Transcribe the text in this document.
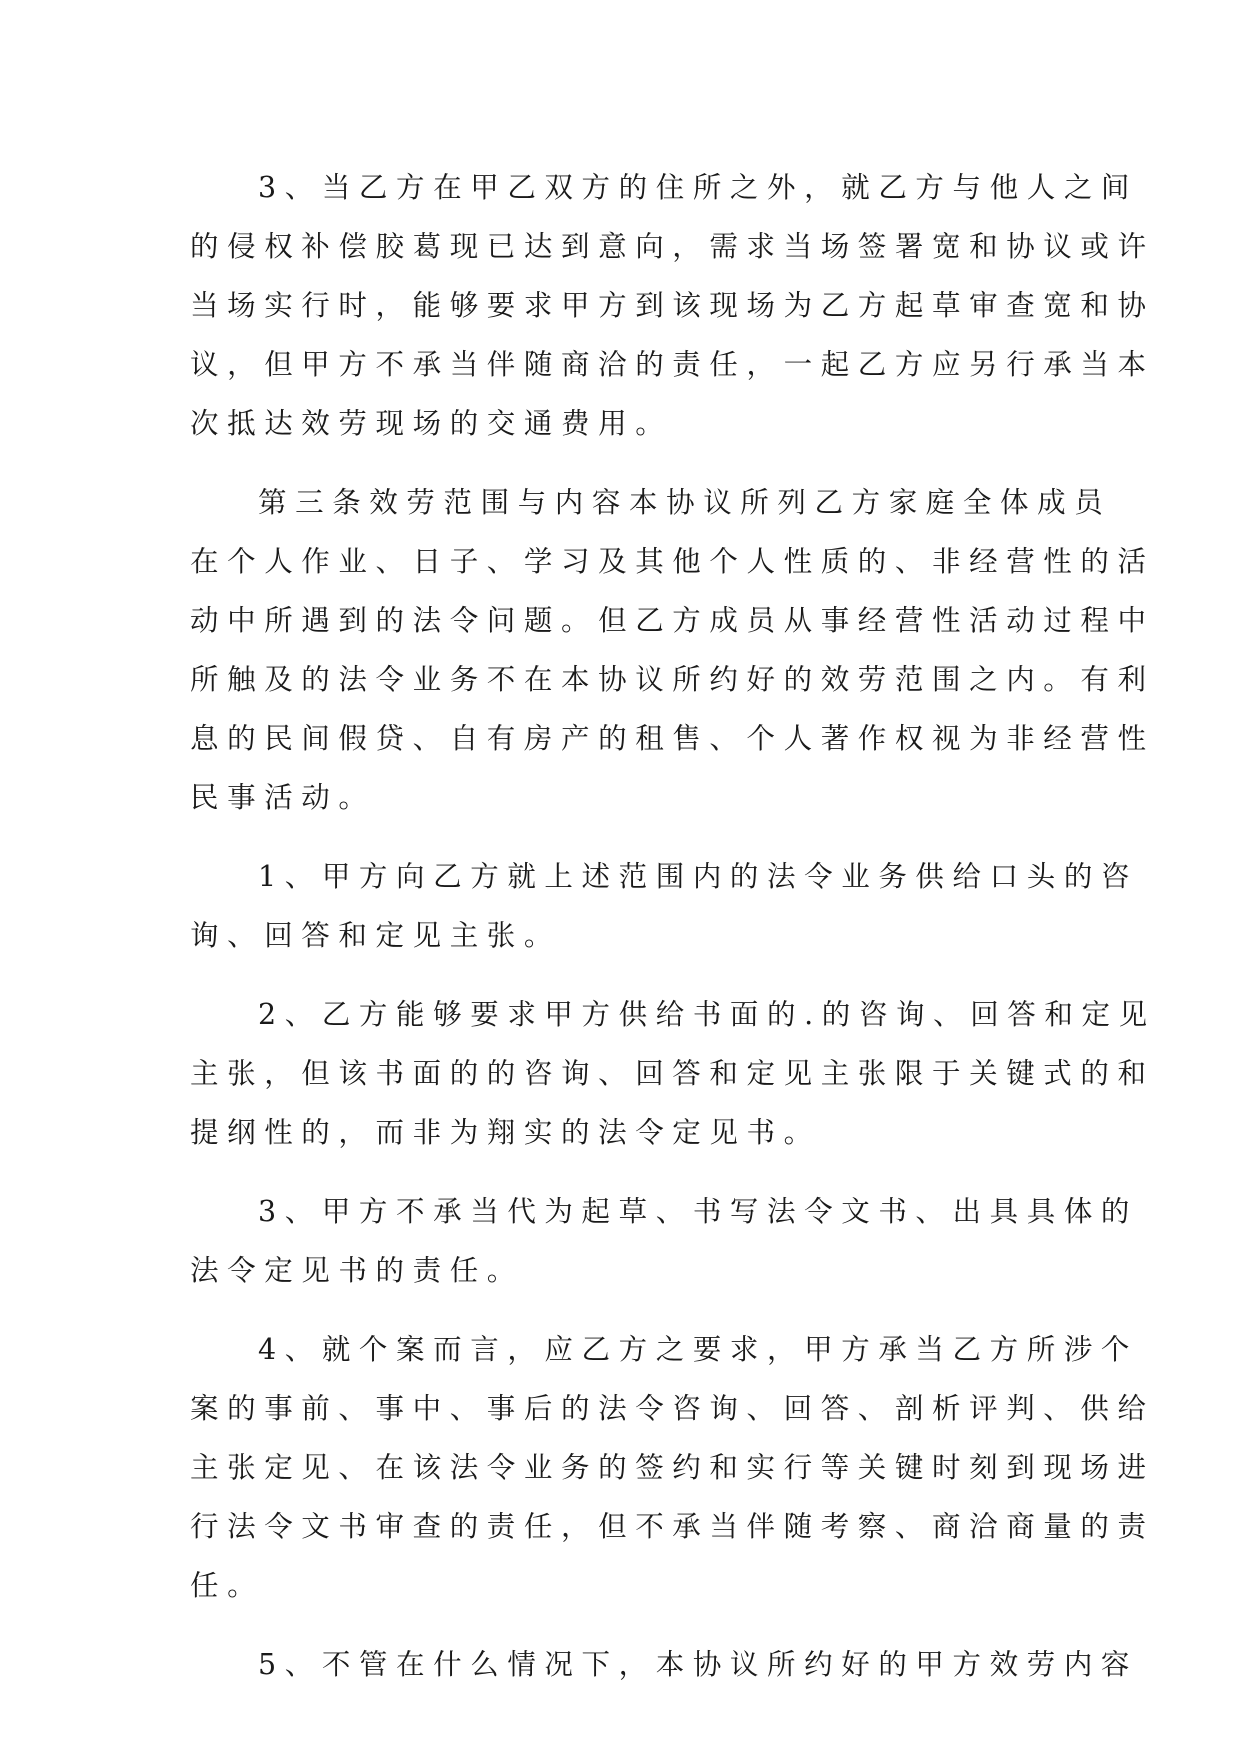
3、当乙方在甲乙双方的住所之外，就乙方与他人之间
的侵权补偿胶葛现已达到意向，需求当场签署宽和协议或许
当场实行时，能够要求甲方到该现场为乙方起草审查宽和协
议，但甲方不承当伴随商洽的责任，一起乙方应另行承当本
次抵达效劳现场的交通费用。
第三条效劳范围与内容本协议所列乙方家庭全体成员
在个人作业、日子、学习及其他个人性质的、非经营性的活
动中所遇到的法令问题。但乙方成员从事经营性活动过程中
所触及的法令业务不在本协议所约好的效劳范围之内。有利
息的民间假贷、自有房产的租售、个人著作权视为非经营性
民事活动。
1、甲方向乙方就上述范围内的法令业务供给口头的咨
询、回答和定见主张。
2、乙方能够要求甲方供给书面的.的咨询、回答和定见
主张，但该书面的的咨询、回答和定见主张限于关键式的和
提纲性的，而非为翔实的法令定见书。
3、甲方不承当代为起草、书写法令文书、出具具体的
法令定见书的责任。
4、就个案而言，应乙方之要求，甲方承当乙方所涉个
案的事前、事中、事后的法令咨询、回答、剖析评判、供给
主张定见、在该法令业务的签约和实行等关键时刻到现场进
行法令文书审查的责任，但不承当伴随考察、商洽商量的责
任。
5、不管在什么情况下，本协议所约好的甲方效劳内容
